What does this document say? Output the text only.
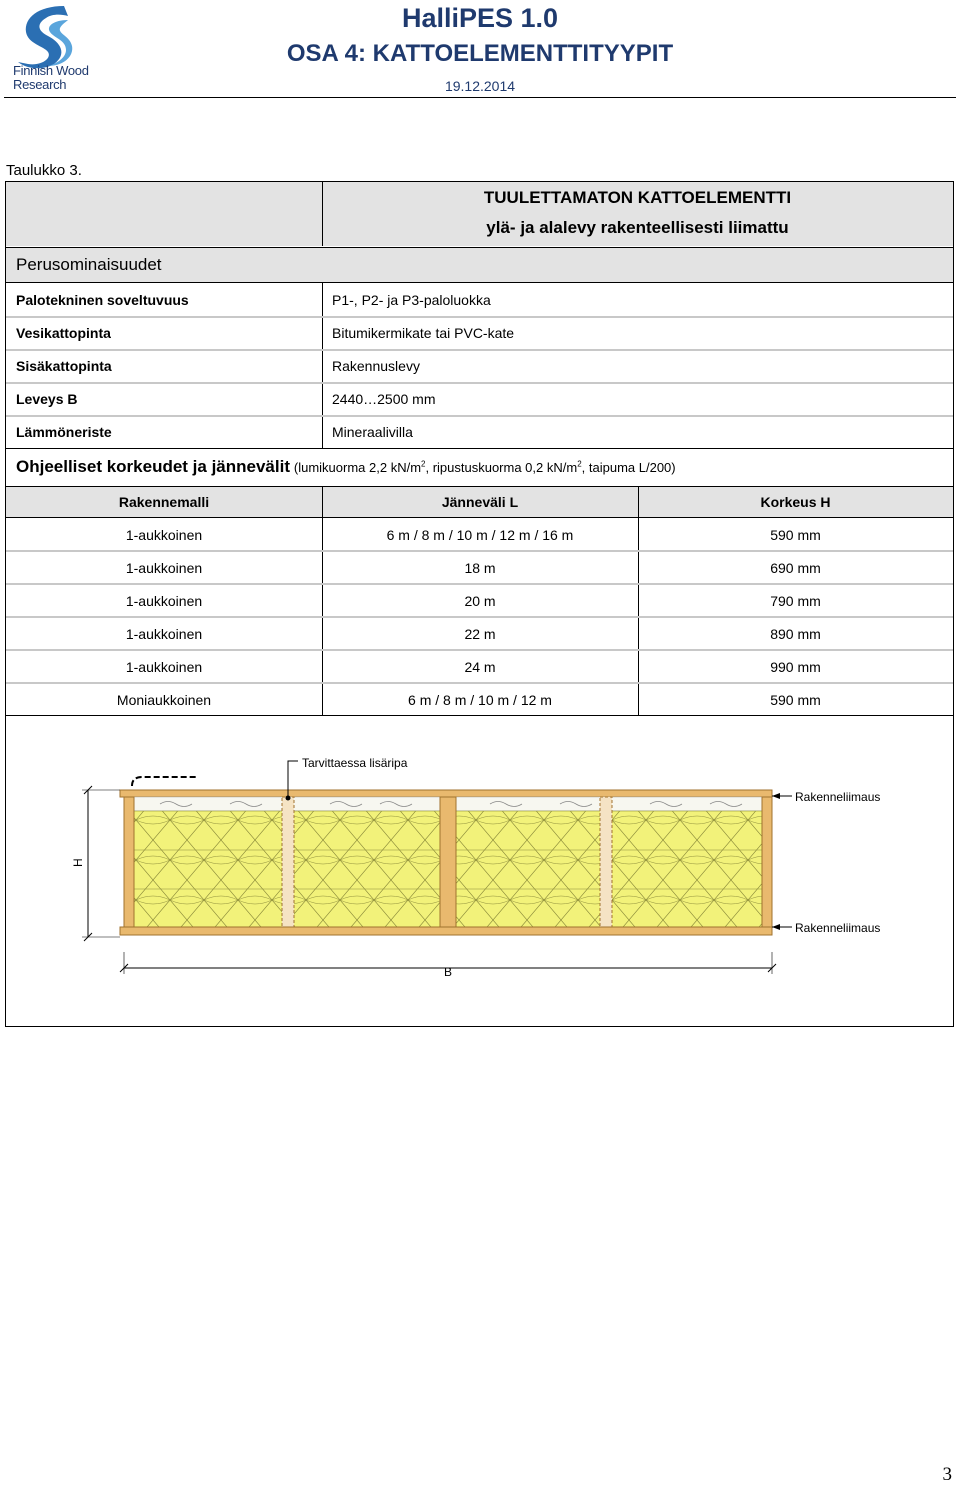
Finnish Wood
Research
HalliPES 1.0
OSA 4: KATTOELEMENTTITYYPIT
19.12.2014
Taulukko 3.
TUULETTAMATON KATTOELEMENTTI
ylä- ja alalevy rakenteellisesti liimattu
Perusominaisuudet
Palotekninen soveltuvuus	P1-, P2- ja P3-paloluokka
Vesikattopinta	Bitumikermikate tai PVC-kate
Sisäkattopinta	Rakennuslevy
Leveys B	2440…2500 mm
Lämmöneriste	Mineraalivilla
Ohjeelliset korkeudet ja jännevälit (lumikuorma 2,2 $kN/m^2$, ripustuskuorma 0,2 $kN/m^2$, taipuma L/200)
Rakennemalli	Jänneväli L	Korkeus H
1-aukkoinen	6 m / 8 m / 10 m / 12 m / 16 m	590 mm
1-aukkoinen	18 m	690 mm
1-aukkoinen	20 m	790 mm
1-aukkoinen	22 m	890 mm
1-aukkoinen	24 m	990 mm
Moniaukkoinen	6 m / 8 m / 10 m / 12 m	590 mm
Tarvittaessa lisäripa
Rakenneliimaus
Rakenneliimaus
H
B
3
